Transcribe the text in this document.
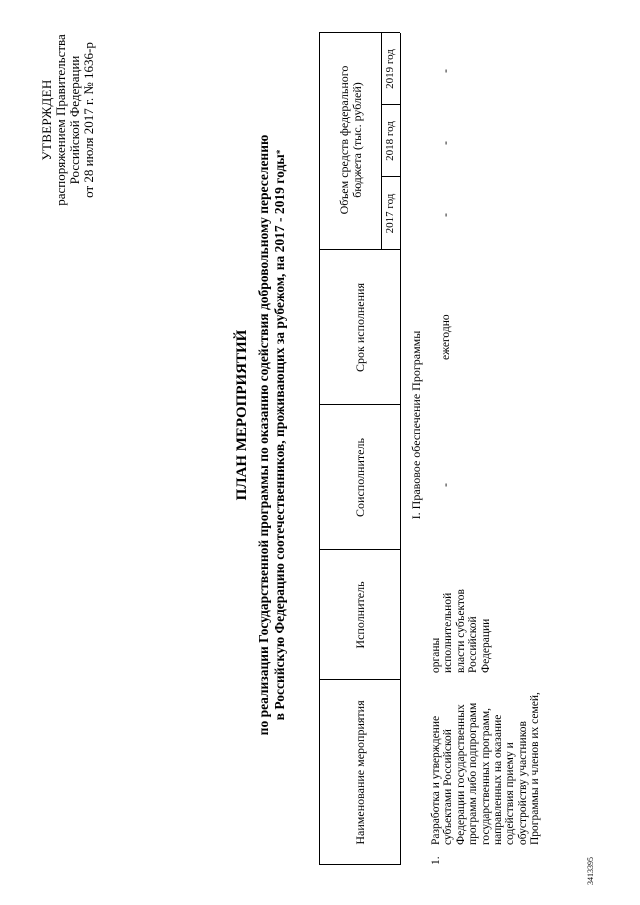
УТВЕРЖДЕН распоряжением Правительства Российской Федерации от 28 июля 2017 г. № 1636-р
ПЛАН МЕРОПРИЯТИЙ по реализации Государственной программы по оказанию содействия добровольному переселению в Российскую Федерацию соотечественников, проживающих за рубежом, на 2017 - 2019 годы*
Наименование мероприятия
Исполнитель
Соисполнитель
Срок исполнения
Объем средств федерального бюджета (тыс. рублей)
2017 год
2018 год
2019 год
I. Правовое обеспечение Программы
1.
Разработка и утверждение субъектами Российской Федерации государственных программ либо подпрограмм государственных программ, направленных на оказание содействия приему и обустройству участников Программы и членов их семей,
органы исполнительной власти субъектов Российской Федерации
-
ежегодно
-
-
-
3413395
